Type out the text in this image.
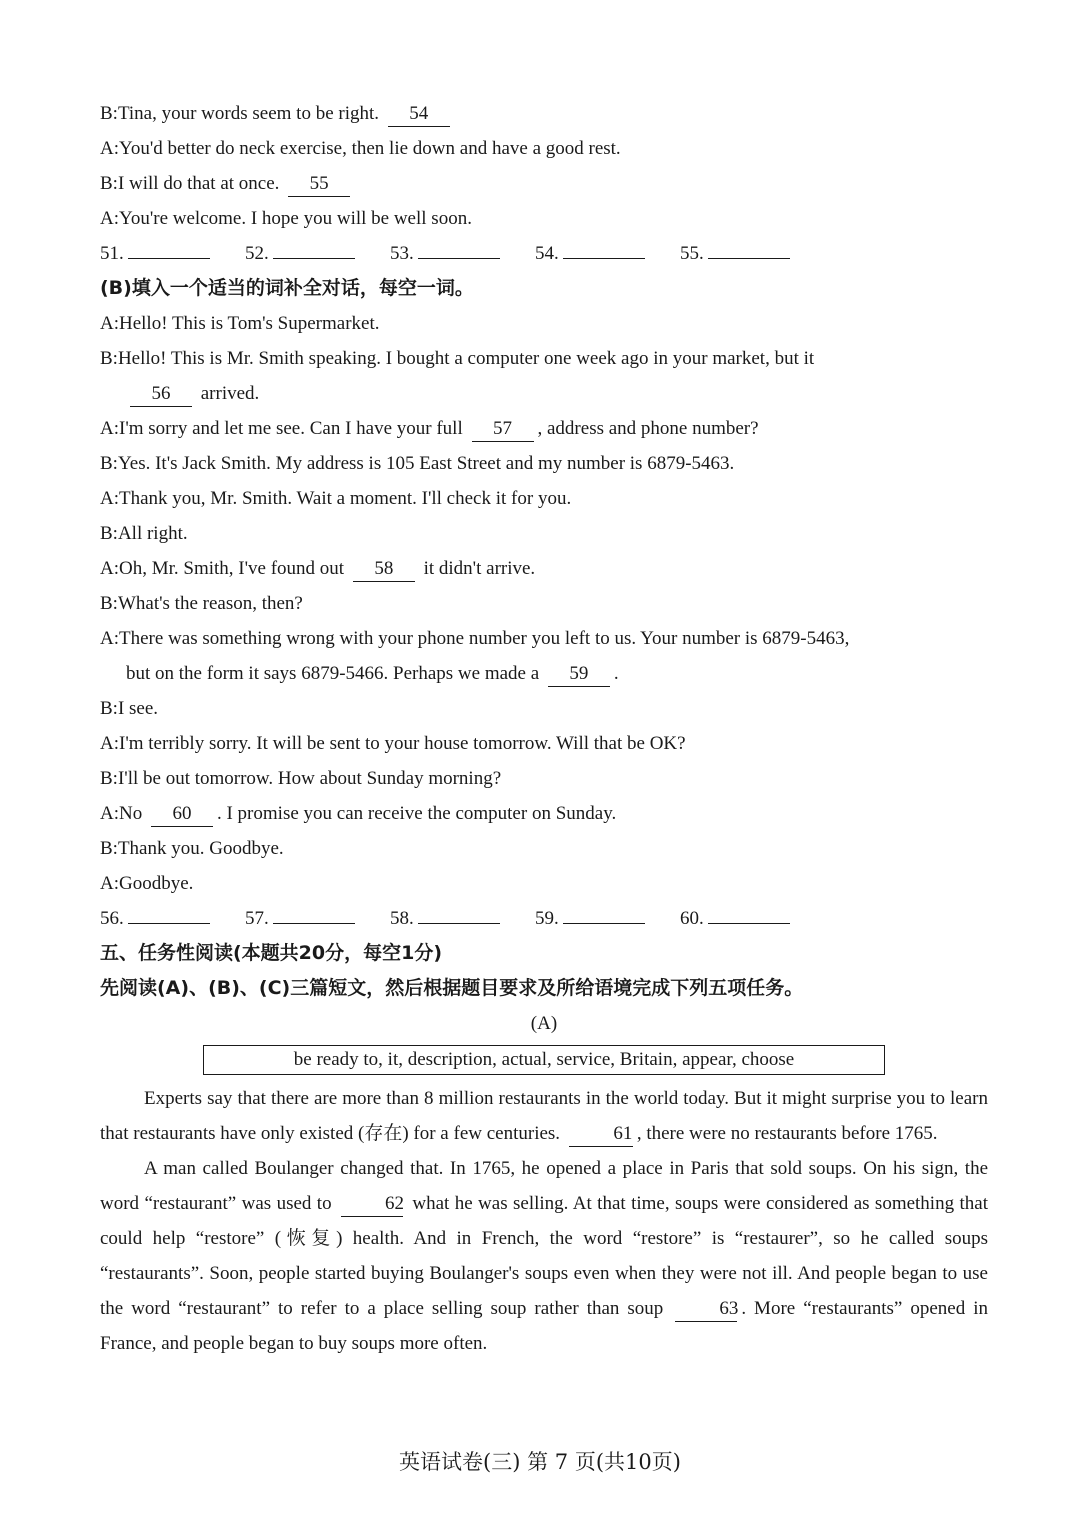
B:Tina, your words seem to be right. 54
A:You'd better do neck exercise, then lie down and have a good rest.
B:I will do that at once. 55
A:You're welcome. I hope you will be well soon.
51.	52.	53.	54.	55.
(B)填入一个适当的词补全对话，每空一词。
A:Hello! This is Tom's Supermarket.
B:Hello! This is Mr. Smith speaking. I bought a computer one week ago in your market, but it
56 arrived.
A:I'm sorry and let me see. Can I have your full 57 , address and phone number?
B:Yes. It's Jack Smith. My address is 105 East Street and my number is 6879-5463.
A:Thank you, Mr. Smith. Wait a moment. I'll check it for you.
B:All right.
A:Oh, Mr. Smith, I've found out 58 it didn't arrive.
B:What's the reason, then?
A:There was something wrong with your phone number you left to us. Your number is 6879-5463,
but on the form it says 6879-5466. Perhaps we made a 59 .
B:I see.
A:I'm terribly sorry. It will be sent to your house tomorrow. Will that be OK?
B:I'll be out tomorrow. How about Sunday morning?
A:No 60 . I promise you can receive the computer on Sunday.
B:Thank you. Goodbye.
A:Goodbye.
56.	57.	58.	59.	60.
五、任务性阅读(本题共20分，每空1分)
先阅读(A)、(B)、(C)三篇短文，然后根据题目要求及所给语境完成下列五项任务。
(A)
be ready to, it, description, actual, service, Britain, appear, choose

Experts say that there are more than 8 million restaurants in the world today. But it might surprise you to learn that restaurants have only existed (存在) for a few centuries.	61 , there were no restaurants before 1765.

A man called Boulanger changed that. In 1765, he opened a place in Paris that sold soups. On his sign, the word “restaurant” was used to	62 what he was selling. At that time, soups were considered as something that could help “restore” (恢复) health. And in French, the word “restore” is “restaurer”, so he called soups “restaurants”. Soon, people started buying Boulanger's soups even when they were not ill. And people began to use the word “restaurant” to refer to a place selling soup rather than soup	63 . More “restaurants” opened in France, and people began to buy soups more often.

英语试卷(三) 第 7 页(共10页)
